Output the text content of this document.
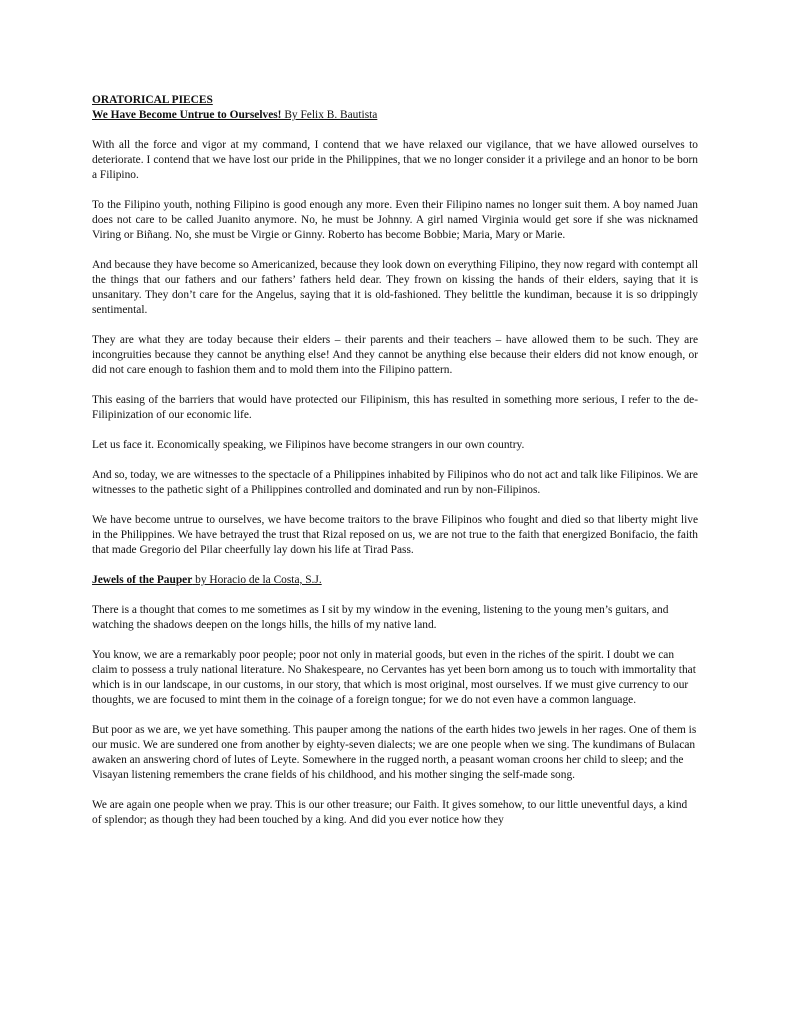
ORATORICAL PIECES
We Have Become Untrue to Ourselves! By Felix B. Bautista

With all the force and vigor at my command, I contend that we have relaxed our vigilance, that we have allowed ourselves to deteriorate. I contend that we have lost our pride in the Philippines, that we no longer consider it a privilege and an honor to be born a Filipino.

To the Filipino youth, nothing Filipino is good enough any more. Even their Filipino names no longer suit them. A boy named Juan does not care to be called Juanito anymore. No, he must be Johnny. A girl named Virginia would get sore if she was nicknamed Viring or Biñang. No, she must be Virgie or Ginny. Roberto has become Bobbie; Maria, Mary or Marie.

And because they have become so Americanized, because they look down on everything Filipino, they now regard with contempt all the things that our fathers and our fathers’ fathers held dear. They frown on kissing the hands of their elders, saying that it is unsanitary. They don’t care for the Angelus, saying that it is old-fashioned. They belittle the kundiman, because it is so drippingly sentimental.

They are what they are today because their elders – their parents and their teachers – have allowed them to be such. They are incongruities because they cannot be anything else! And they cannot be anything else because their elders did not know enough, or did not care enough to fashion them and to mold them into the Filipino pattern.

This easing of the barriers that would have protected our Filipinism, this has resulted in something more serious, I refer to the de-Filipinization of our economic life.

Let us face it. Economically speaking, we Filipinos have become strangers in our own country.

And so, today, we are witnesses to the spectacle of a Philippines inhabited by Filipinos who do not act and talk like Filipinos. We are witnesses to the pathetic sight of a Philippines controlled and dominated and run by non-Filipinos.

We have become untrue to ourselves, we have become traitors to the brave Filipinos who fought and died so that liberty might live in the Philippines. We have betrayed the trust that Rizal reposed on us, we are not true to the faith that energized Bonifacio, the faith that made Gregorio del Pilar cheerfully lay down his life at Tirad Pass.

Jewels of the Pauper by Horacio de la Costa, S.J.

There is a thought that comes to me sometimes as I sit by my window in the evening, listening to the young men’s guitars, and watching the shadows deepen on the longs hills, the hills of my native land.

You know, we are a remarkably poor people; poor not only in material goods, but even in the riches of the spirit. I doubt we can claim to possess a truly national literature. No Shakespeare, no Cervantes has yet been born among us to touch with immortality that which is in our landscape, in our customs, in our story, that which is most original, most ourselves. If we must give currency to our thoughts, we are focused to mint them in the coinage of a foreign tongue; for we do not even have a common language.

But poor as we are, we yet have something. This pauper among the nations of the earth hides two jewels in her rages. One of them is our music. We are sundered one from another by eighty-seven dialects; we are one people when we sing. The kundimans of Bulacan awaken an answering chord of lutes of Leyte. Somewhere in the rugged north, a peasant woman croons her child to sleep; and the Visayan listening remembers the crane fields of his childhood, and his mother singing the self-made song.

We are again one people when we pray. This is our other treasure; our Faith. It gives somehow, to our little uneventful days, a kind of splendor; as though they had been touched by a king. And did you ever notice how they
